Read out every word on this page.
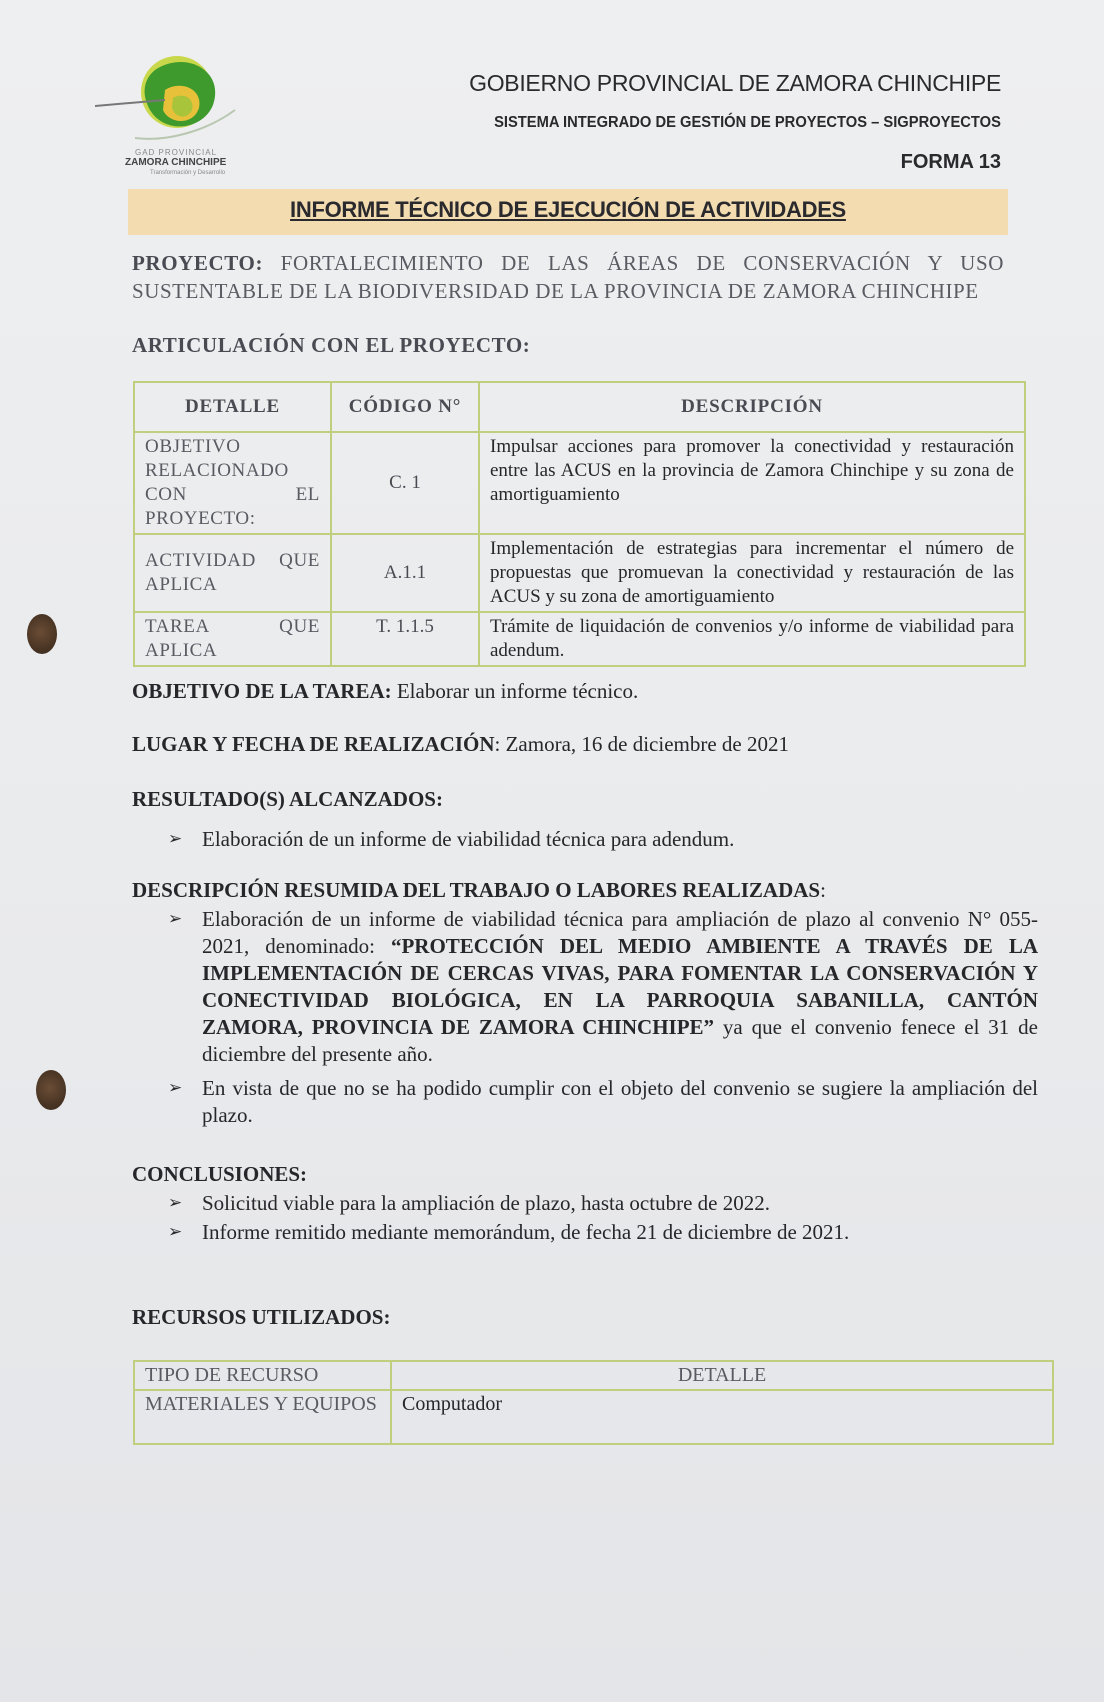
GAD PROVINCIAL
ZAMORA CHINCHIPE
Transformación y Desarrollo
GOBIERNO PROVINCIAL DE ZAMORA CHINCHIPE
SISTEMA INTEGRADO DE GESTIÓN DE PROYECTOS – SIGPROYECTOS
FORMA 13
INFORME TÉCNICO DE EJECUCIÓN DE ACTIVIDADES
PROYECTO: FORTALECIMIENTO DE LAS ÁREAS DE CONSERVACIÓN Y USO
SUSTENTABLE DE LA BIODIVERSIDAD DE LA PROVINCIA DE ZAMORA CHINCHIPE
ARTICULACIÓN CON EL PROYECTO:
DETALLE	CÓDIGO N°	DESCRIPCIÓN
OBJETIVO RELACIONADO CON EL PROYECTO:	C. 1	Impulsar acciones para promover la conectividad y restauración entre las ACUS en la provincia de Zamora Chinchipe y su zona de amortiguamiento
ACTIVIDAD QUE APLICA	A.1.1	Implementación de estrategias para incrementar el número de propuestas que promuevan la conectividad y restauración de las ACUS y su zona de amortiguamiento
TAREA QUE APLICA	T. 1.1.5	Trámite de liquidación de convenios y/o informe de viabilidad para adendum.
OBJETIVO DE LA TAREA: Elaborar un informe técnico.
LUGAR Y FECHA DE REALIZACIÓN: Zamora, 16 de diciembre de 2021
RESULTADO(S) ALCANZADOS:
➢ Elaboración de un informe de viabilidad técnica para adendum.
DESCRIPCIÓN RESUMIDA DEL TRABAJO O LABORES REALIZADAS:
➢ Elaboración de un informe de viabilidad técnica para ampliación de plazo al convenio N° 055-2021, denominado: “PROTECCIÓN DEL MEDIO AMBIENTE A TRAVÉS DE LA IMPLEMENTACIÓN DE CERCAS VIVAS, PARA FOMENTAR LA CONSERVACIÓN Y CONECTIVIDAD BIOLÓGICA, EN LA PARROQUIA SABANILLA, CANTÓN ZAMORA, PROVINCIA DE ZAMORA CHINCHIPE” ya que el convenio fenece el 31 de diciembre del presente año.
➢ En vista de que no se ha podido cumplir con el objeto del convenio se sugiere la ampliación del plazo.
CONCLUSIONES:
➢ Solicitud viable para la ampliación de plazo, hasta octubre de 2022.
➢ Informe remitido mediante memorándum, de fecha 21 de diciembre de 2021.
RECURSOS UTILIZADOS:
TIPO DE RECURSO	DETALLE
MATERIALES Y EQUIPOS	Computador
